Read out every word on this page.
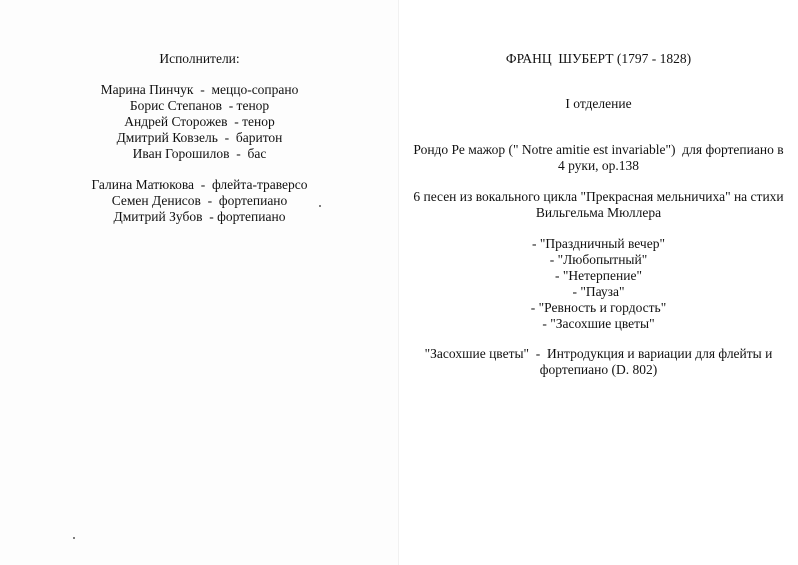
Исполнители:
Марина Пинчук  -  меццо-сопрано
Борис Степанов  - тенор
Андрей Сторожев  - тенор
Дмитрий Ковзель  -  баритон
Иван Горошилов  -  бас
Галина Матюкова  -  флейта-траверсо
Семен Денисов  -  фортепиано
Дмитрий Зубов  - фортепиано
ФРАНЦ  ШУБЕРТ (1797 - 1828)
I отделение
Рондо Ре мажор (" Notre amitie est invariable")  для фортепиано в
4 руки, op.138
6 песен из вокального цикла "Прекрасная мельничиха" на стихи
Вильгельма Мюллера
- "Праздничный вечер"
- "Любопытный"
- "Нетерпение"
- "Пауза"
- "Ревность и гордость"
- "Засохшие цветы"
"Засохшие цветы"  -  Интродукция и вариации для флейты и
фортепиано (D. 802)
